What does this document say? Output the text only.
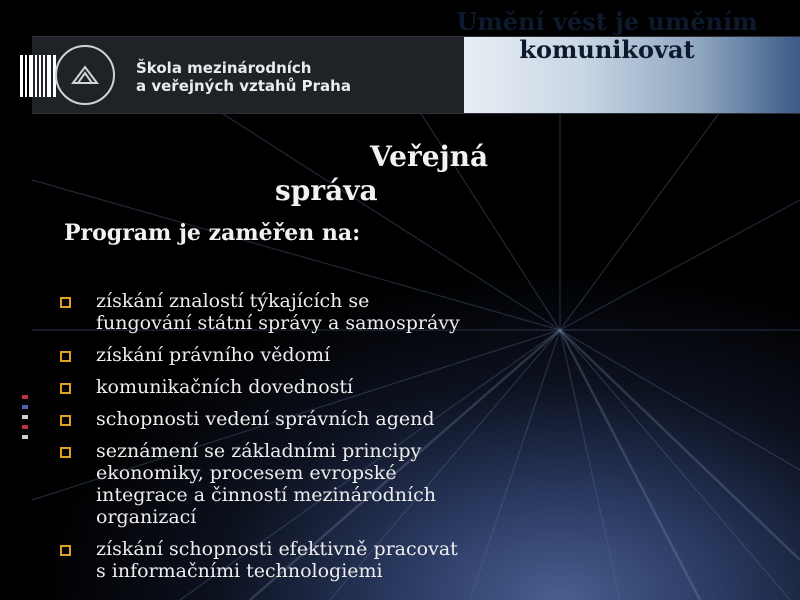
Škola mezinárodních
a veřejných vztahů Praha
Umění vést je uměním
komunikovat
Veřejná
správa
Program je zaměřen na:
získání znalostí týkajících se
fungování státní správy a samosprávy
získání právního vědomí
komunikačních dovedností
schopnosti vedení správních agend
seznámení se základními principy
ekonomiky, procesem evropské
integrace a činností mezinárodních
organizací
získání schopnosti efektivně pracovat
s informačními technologiemi
